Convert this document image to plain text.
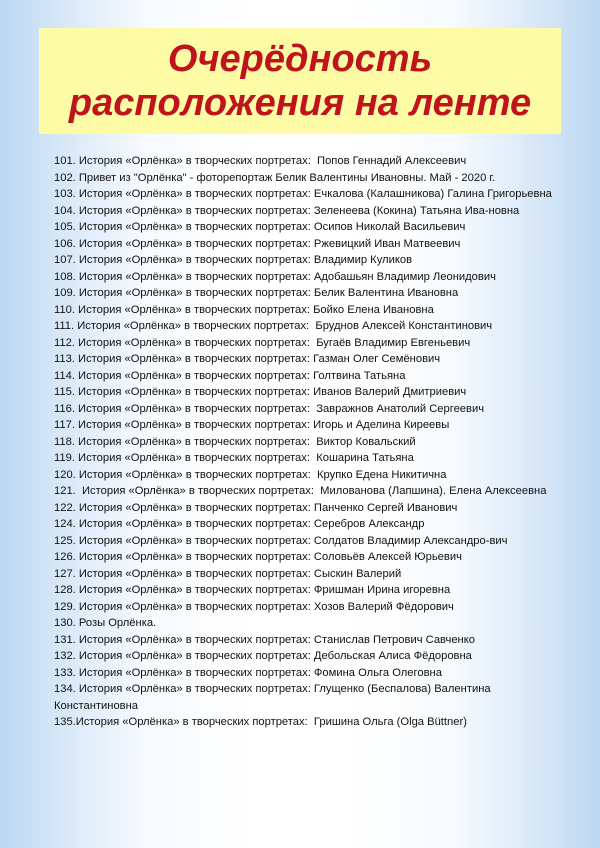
Очерёдность
расположения на ленте
101. История «Орлёнка» в творческих портретах:  Попов Геннадий Алексеевич
102. Привет из "Орлёнка" - фоторепортаж Белик Валентины Ивановны. Май - 2020 г.
103. История «Орлёнка» в творческих портретах: Ечкалова (Калашникова) Галина Григорьевна
104. История «Орлёнка» в творческих портретах: Зеленеева (Кокина) Татьяна Ива-новна
105. История «Орлёнка» в творческих портретах: Осипов Николай Васильевич
106. История «Орлёнка» в творческих портретах: Ржевицкий Иван Матвеевич
107. История «Орлёнка» в творческих портретах: Владимир Куликов
108. История «Орлёнка» в творческих портретах: Адобашьян Владимир Леонидович
109. История «Орлёнка» в творческих портретах: Белик Валентина Ивановна
110. История «Орлёнка» в творческих портретах: Бойко Елена Ивановна
111. История «Орлёнка» в творческих портретах:  Бруднов Алексей Константинович
112. История «Орлёнка» в творческих портретах:  Бугаёв Владимир Евгеньевич
113. История «Орлёнка» в творческих портретах: Газман Олег Семёнович
114. История «Орлёнка» в творческих портретах: Голтвина Татьяна
115. История «Орлёнка» в творческих портретах: Иванов Валерий Дмитриевич
116. История «Орлёнка» в творческих портретах:  Завражнов Анатолий Сергеевич
117. История «Орлёнка» в творческих портретах: Игорь и Аделина Киреевы
118. История «Орлёнка» в творческих портретах:  Виктор Ковальский
119. История «Орлёнка» в творческих портретах:  Кошарина Татьяна
120. История «Орлёнка» в творческих портретах:  Крупко Едена Никитична
121.  История «Орлёнка» в творческих портретах:  Милованова (Лапшина). Елена Алексеевна
122. История «Орлёнка» в творческих портретах: Панченко Сергей Иванович
124. История «Орлёнка» в творческих портретах: Серебров Александр
125. История «Орлёнка» в творческих портретах: Солдатов Владимир Александро-вич
126. История «Орлёнка» в творческих портретах: Соловьёв Алексей Юрьевич
127. История «Орлёнка» в творческих портретах: Сыскин Валерий
128. История «Орлёнка» в творческих портретах: Фришман Ирина игоревна
129. История «Орлёнка» в творческих портретах: Хозов Валерий Фёдорович
130. Розы Орлёнка.
131. История «Орлёнка» в творческих портретах: Станислав Петрович Савченко
132. История «Орлёнка» в творческих портретах: Дебольская Алиса Фёдоровна
133. История «Орлёнка» в творческих портретах: Фомина Ольга Олеговна
134. История «Орлёнка» в творческих портретах: Глущенко (Беспалова) Валентина Константиновна
135.История «Орлёнка» в творческих портретах:  Гришина Ольга (Olga Büttner)
